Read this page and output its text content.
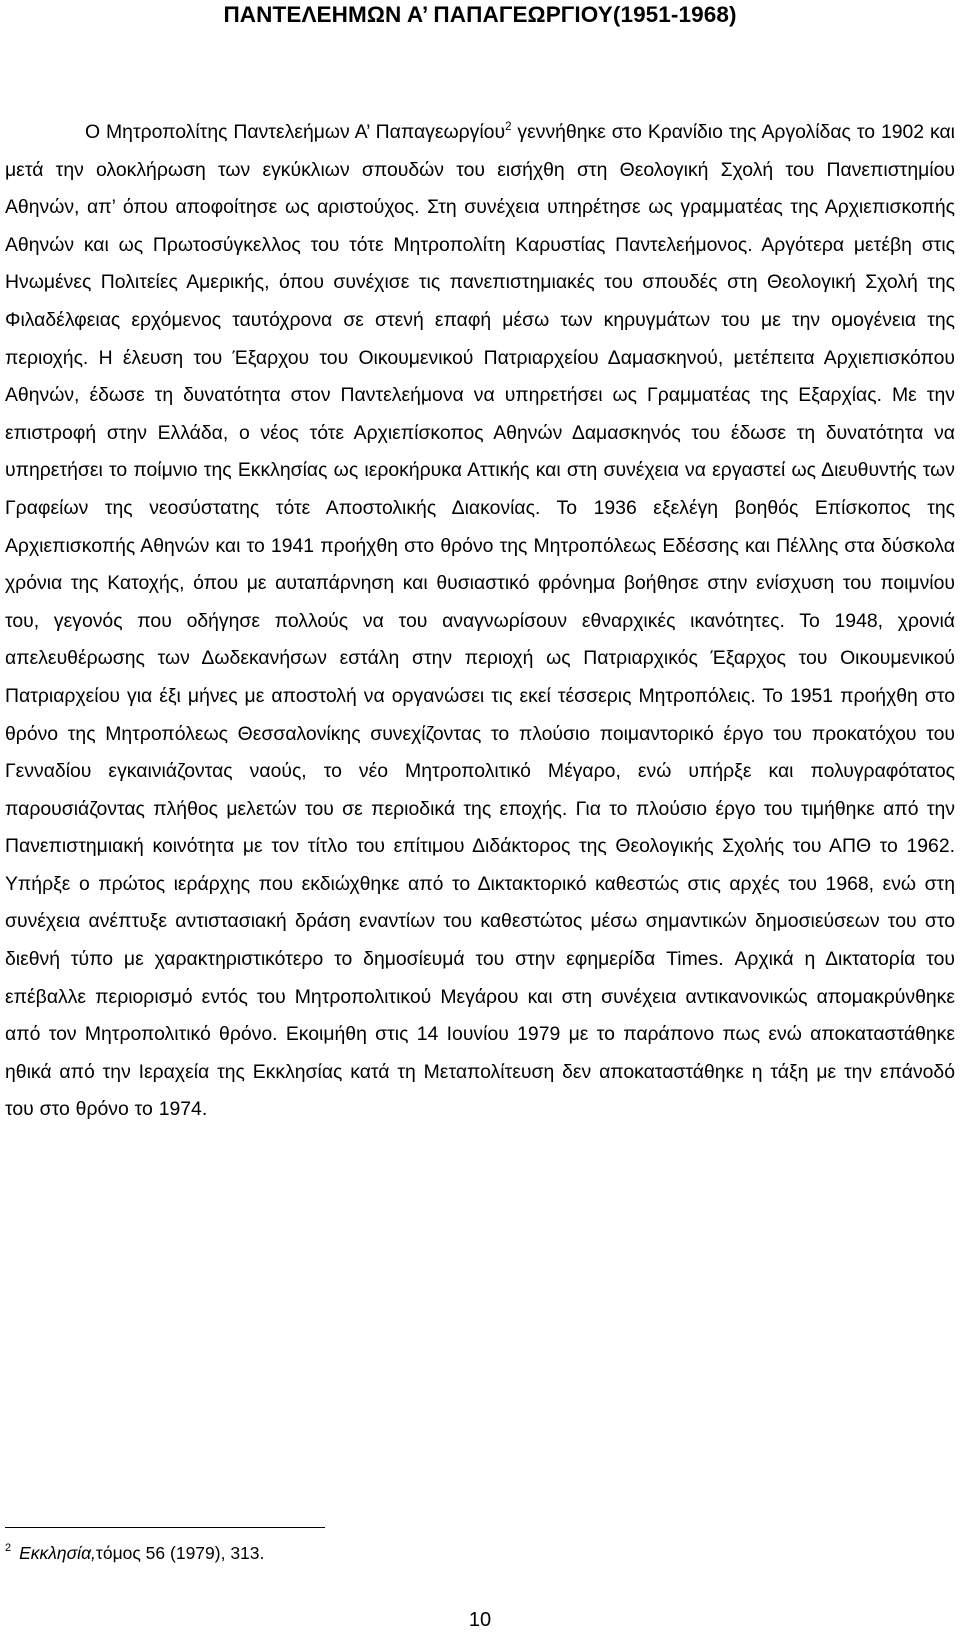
ΠΑΝΤΕΛΕΗΜΩΝ Α’ ΠΑΠΑΓΕΩΡΓΙΟΥ(1951-1968)

Ο Μητροπολίτης Παντελεήμων Α’ Παπαγεωργίου$^2$ γεννήθηκε στο Κρανίδιο της Αργολίδας το 1902 και μετά την ολοκλήρωση των εγκύκλιων σπουδών του εισήχθη στη Θεολογική Σχολή του Πανεπιστημίου Αθηνών, απ’ όπου αποφοίτησε ως αριστούχος. Στη συνέχεια υπηρέτησε ως γραμματέας της Αρχιεπισκοπής Αθηνών και ως Πρωτοσύγκελλος του τότε Μητροπολίτη Καρυστίας Παντελεήμονος. Αργότερα μετέβη στις Ηνωμένες Πολιτείες Αμερικής, όπου συνέχισε τις πανεπιστημιακές του σπουδές στη Θεολογική Σχολή της Φιλαδέλφειας ερχόμενος ταυτόχρονα σε στενή επαφή μέσω των κηρυγμάτων του με την ομογένεια της περιοχής. Η έλευση του Έξαρχου του Οικουμενικού Πατριαρχείου Δαμασκηνού, μετέπειτα Αρχιεπισκόπου Αθηνών, έδωσε τη δυνατότητα στον Παντελεήμονα να υπηρετήσει ως Γραμματέας της Εξαρχίας. Με την επιστροφή στην Ελλάδα, ο νέος τότε Αρχιεπίσκοπος Αθηνών Δαμασκηνός του έδωσε τη δυνατότητα να υπηρετήσει το ποίμνιο της Εκκλησίας ως ιεροκήρυκα Αττικής και στη συνέχεια να εργαστεί ως Διευθυντής των Γραφείων της νεοσύστατης τότε Αποστολικής Διακονίας. Το 1936 εξελέγη βοηθός Επίσκοπος της Αρχιεπισκοπής Αθηνών και το 1941 προήχθη στο θρόνο της Μητροπόλεως Εδέσσης και Πέλλης στα δύσκολα χρόνια της Κατοχής, όπου με αυταπάρνηση και θυσιαστικό φρόνημα βοήθησε στην ενίσχυση του ποιμνίου του, γεγονός που οδήγησε πολλούς να του αναγνωρίσουν εθναρχικές ικανότητες. Το 1948, χρονιά απελευθέρωσης των Δωδεκανήσων εστάλη στην περιοχή ως Πατριαρχικός Έξαρχος του Οικουμενικού Πατριαρχείου για έξι μήνες με αποστολή να οργανώσει τις εκεί τέσσερις Μητροπόλεις. Το 1951 προήχθη στο θρόνο της Μητροπόλεως Θεσσαλονίκης συνεχίζοντας το πλούσιο ποιμαντορικό έργο του προκατόχου του Γενναδίου εγκαινιάζοντας ναούς, το νέο Μητροπολιτικό Μέγαρο, ενώ υπήρξε και πολυγραφότατος παρουσιάζοντας πλήθος μελετών του σε περιοδικά της εποχής. Για το πλούσιο έργο του τιμήθηκε από την Πανεπιστημιακή κοινότητα με τον τίτλο του επίτιμου Διδάκτορος της Θεολογικής Σχολής του ΑΠΘ το 1962. Υπήρξε ο πρώτος ιεράρχης που εκδιώχθηκε από το Δικτακτορικό καθεστώς στις αρχές του 1968, ενώ στη συνέχεια ανέπτυξε αντιστασιακή δράση εναντίων του καθεστώτος μέσω σημαντικών δημοσιεύσεων του στο διεθνή τύπο με χαρακτηριστικότερο το δημοσίευμά του στην εφημερίδα Times. Αρχικά η Δικτατορία του επέβαλλε περιορισμό εντός του Μητροπολιτικού Μεγάρου και στη συνέχεια αντικανονικώς απομακρύνθηκε από τον Μητροπολιτικό θρόνο. Εκοιμήθη στις 14 Ιουνίου 1979 με το παράπονο πως ενώ αποκαταστάθηκε ηθικά από την Ιεραχεία της Εκκλησίας κατά τη Μεταπολίτευση δεν αποκαταστάθηκε η τάξη με την επάνοδό του στο θρόνο το 1974.

$^2$ Εκκλησία,τόμος 56 (1979), 313.

10
